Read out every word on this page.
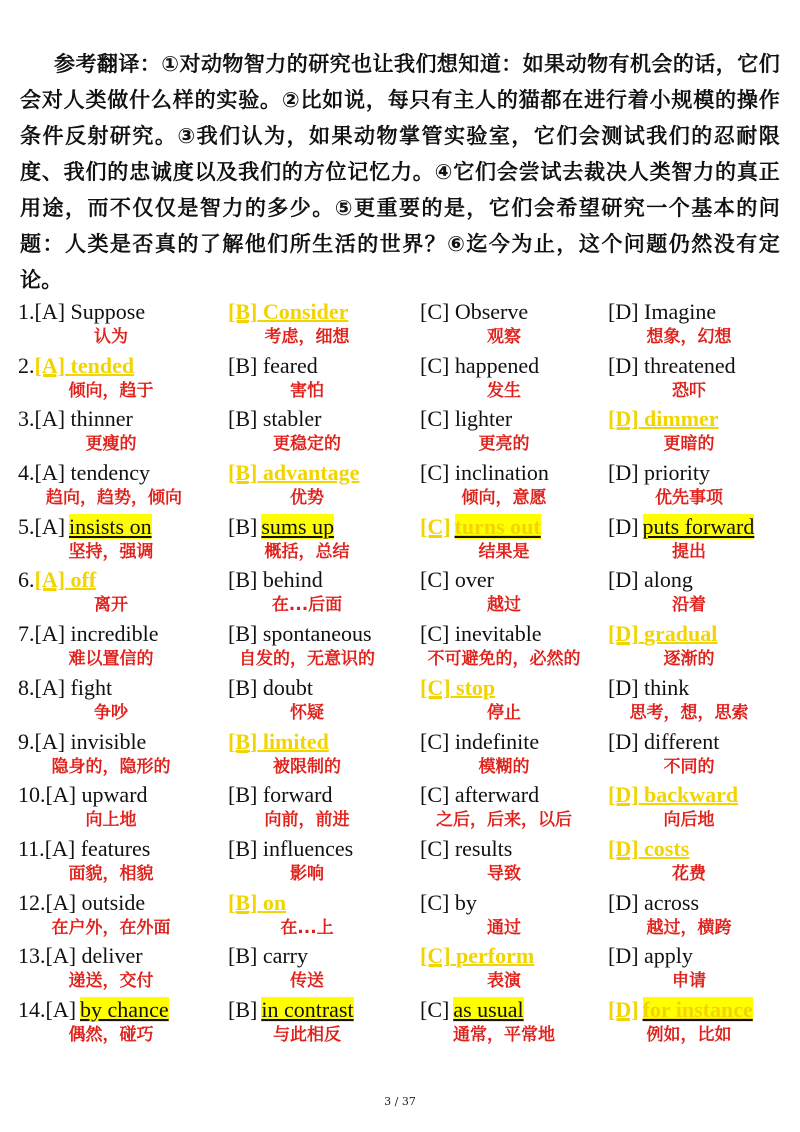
参考翻译：①对动物智力的研究也让我们想知道：如果动物有机会的话，它们会对人类做什么样的实验。②比如说，每只有主人的猫都在进行着小规模的操作条件反射研究。③我们认为，如果动物掌管实验室，它们会测试我们的忍耐限度、我们的忠诚度以及我们的方位记忆力。④它们会尝试去裁决人类智力的真正用途，而不仅仅是智力的多少。⑤更重要的是，它们会希望研究一个基本的问题：人类是否真的了解他们所生活的世界？⑥迄今为止，这个问题仍然没有定论。

1.[A] Suppose
认为
[B] Consider
考虑，细想
[C] Observe
观察
[D] Imagine
想象，幻想
2.[A] tended
倾向，趋于
[B] feared
害怕
[C] happened
发生
[D] threatened
恐吓
3.[A] thinner
更瘦的
[B] stabler
更稳定的
[C] lighter
更亮的
[D] dimmer
更暗的
4.[A] tendency
趋向，趋势，倾向
[B] advantage
优势
[C] inclination
倾向，意愿
[D] priority
优先事项
5.[A] insists on
坚持，强调
[B] sums up
概括，总结
[C] turns out
结果是
[D] puts forward
提出
6.[A] off
离开
[B] behind
在...后面
[C] over
越过
[D] along
沿着
7.[A] incredible
难以置信的
[B] spontaneous
自发的，无意识的
[C] inevitable
不可避免的，必然的
[D] gradual
逐渐的
8.[A] fight
争吵
[B] doubt
怀疑
[C] stop
停止
[D] think
思考，想，思索
9.[A] invisible
隐身的，隐形的
[B] limited
被限制的
[C] indefinite
模糊的
[D] different
不同的
10.[A] upward
向上地
[B] forward
向前，前进
[C] afterward
之后，后来，以后
[D] backward
向后地
11.[A] features
面貌，相貌
[B] influences
影响
[C] results
导致
[D] costs
花费
12.[A] outside
在户外，在外面
[B] on
在...上
[C] by
通过
[D] across
越过，横跨
13.[A] deliver
递送，交付
[B] carry
传送
[C] perform
表演
[D] apply
申请
14.[A] by chance
偶然，碰巧
[B] in contrast
与此相反
[C] as usual
通常，平常地
[D] for instance
例如，比如
3 / 37
